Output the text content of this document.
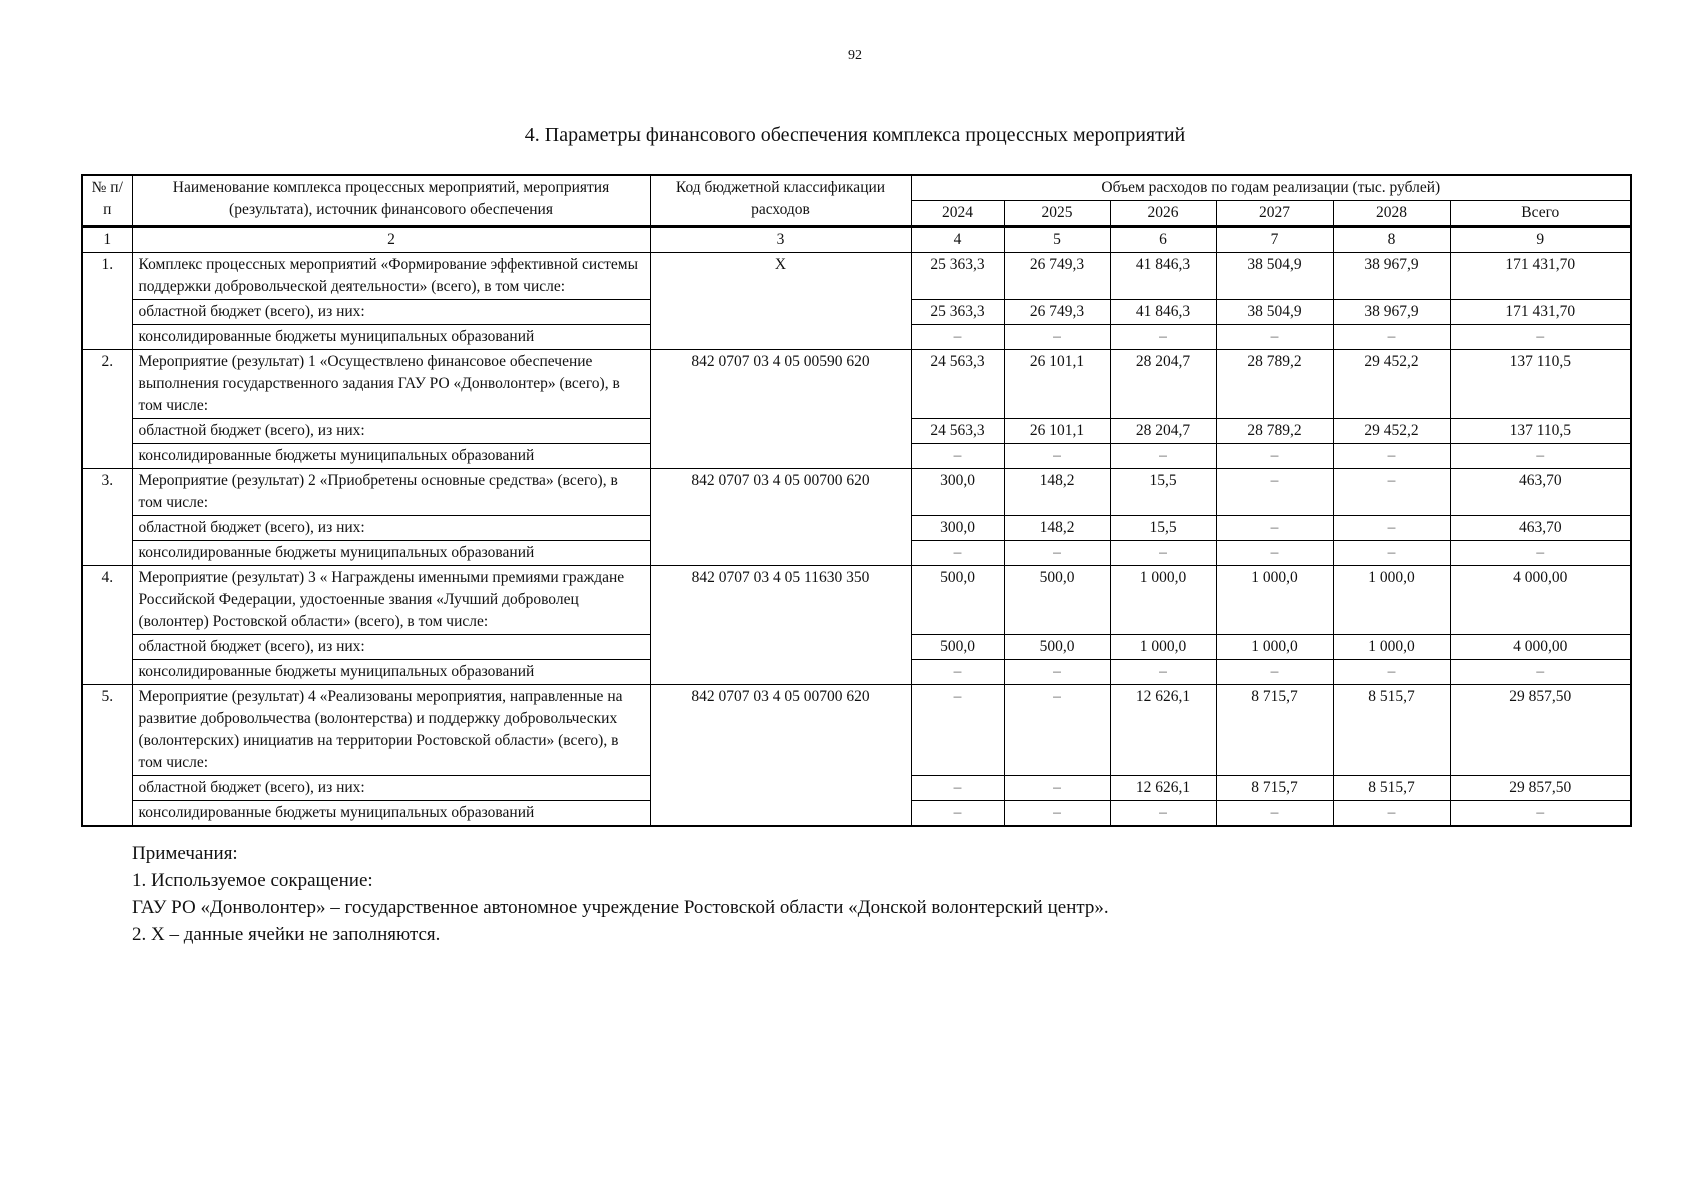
92
4. Параметры финансового обеспечения комплекса процессных мероприятий
№ п/п	Наименование комплекса процессных мероприятий, мероприятия (результата), источник финансового обеспечения	Код бюджетной классификации расходов	Объем расходов по годам реализации (тыс. рублей)					
			2024	2025	2026	2027	2028	Всего
1	2	3	4	5	6	7	8	9
1.	Комплекс процессных мероприятий «Формирование эффективной системы поддержки добровольческой деятельности» (всего), в том числе:	Х	25 363,3	26 749,3	41 846,3	38 504,9	38 967,9	171 431,70
	областной бюджет (всего), из них:		25 363,3	26 749,3	41 846,3	38 504,9	38 967,9	171 431,70
	консолидированные бюджеты муниципальных образований		–	–	–	–	–	–
2.	Мероприятие (результат) 1 «Осуществлено финансовое обеспечение выполнения государственного задания ГАУ РО «Донволонтер» (всего), в том числе:	842 0707 03 4 05 00590 620	24 563,3	26 101,1	28 204,7	28 789,2	29 452,2	137 110,5
	областной бюджет (всего), из них:		24 563,3	26 101,1	28 204,7	28 789,2	29 452,2	137 110,5
	консолидированные бюджеты муниципальных образований		–	–	–	–	–	–
3.	Мероприятие (результат) 2 «Приобретены основные средства» (всего), в том числе:	842 0707 03 4 05 00700 620	300,0	148,2	15,5	–	–	463,70
	областной бюджет (всего), из них:		300,0	148,2	15,5	–	–	463,70
	консолидированные бюджеты муниципальных образований		–	–	–	–	–	–
4.	Мероприятие (результат) 3 « Награждены именными премиями граждане Российской Федерации, удостоенные звания «Лучший доброволец (волонтер) Ростовской области» (всего), в том числе:	842 0707 03 4 05 11630 350	500,0	500,0	1 000,0	1 000,0	1 000,0	4 000,00
	областной бюджет (всего), из них:		500,0	500,0	1 000,0	1 000,0	1 000,0	4 000,00
	консолидированные бюджеты муниципальных образований		–	–	–	–	–	–
5.	Мероприятие (результат) 4 «Реализованы мероприятия, направленные на развитие добровольчества (волонтерства) и поддержку добровольческих (волонтерских) инициатив на территории Ростовской области» (всего), в том числе:	842 0707 03 4 05 00700 620	–	–	12 626,1	8 715,7	8 515,7	29 857,50
	областной бюджет (всего), из них:		–	–	12 626,1	8 715,7	8 515,7	29 857,50
	консолидированные бюджеты муниципальных образований		–	–	–	–	–	–
Примечания:
1. Используемое сокращение:
ГАУ РО «Донволонтер» – государственное автономное учреждение Ростовской области «Донской волонтерский центр».
2. Х – данные ячейки не заполняются.
